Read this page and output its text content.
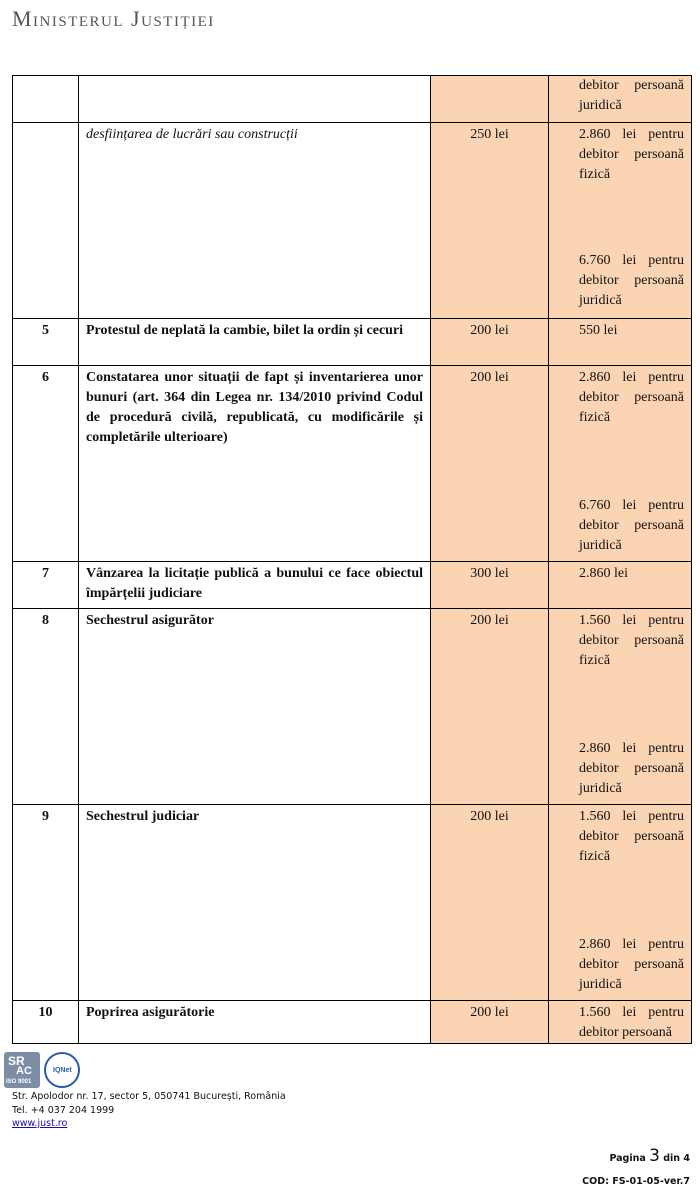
Ministerul Justiției
			debitor persoană juridică
	desființarea de lucrări sau construcții	250 lei	2.860 lei pentru debitor persoană fizică
6.760 lei pentru debitor persoană juridică

5	Protestul de neplată la cambie, bilet la ordin și cecuri	200 lei	550 lei
6	Constatarea unor situații de fapt și inventarierea unor bunuri (art. 364 din Legea nr. 134/2010 privind Codul de procedură civilă, republicată, cu modificările și completările ulterioare)	200 lei	2.860 lei pentru debitor persoană fizică
6.760 lei pentru debitor persoană juridică

7	Vânzarea la licitație publică a bunului ce face obiectul împărțelii judiciare	300 lei	2.860 lei
8	Sechestrul asigurător	200 lei	1.560 lei pentru debitor persoană fizică
2.860 lei pentru debitor persoană juridică

9	Sechestrul judiciar	200 lei	1.560 lei pentru debitor persoană fizică
2.860 lei pentru debitor persoană juridică

10	Poprirea asigurătorie	200 lei	1.560 lei pentru debitor persoană
SR
AC
ISO 9001
IQNet
Str. Apolodor nr. 17, sector 5, 050741 București, România
Tel. +4 037 204 1999
www.just.ro
Pagina 3 din 4
COD: FS-01-05-ver.7
